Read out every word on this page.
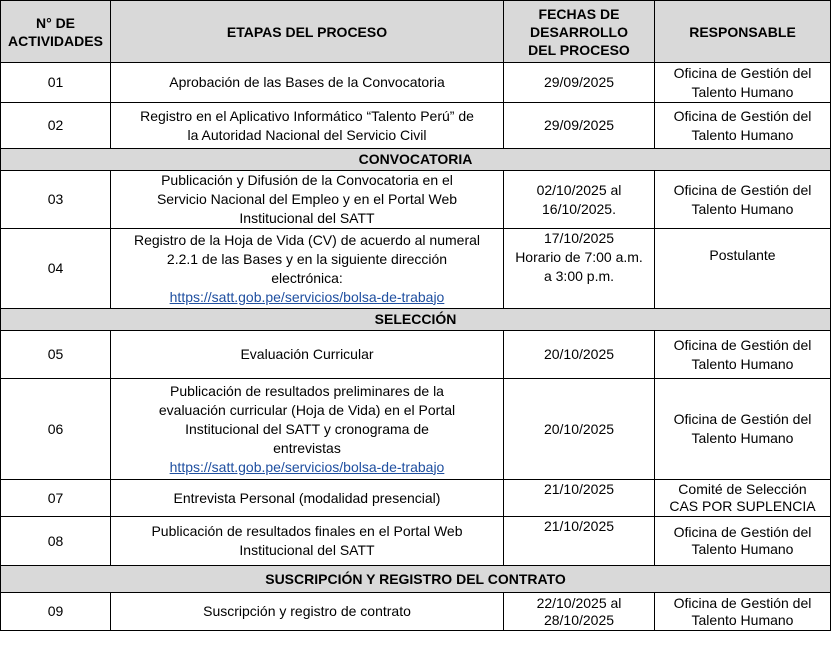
N° DE
ACTIVIDADES	ETAPAS DEL PROCESO	FECHAS DE
DESARROLLO
DEL PROCESO	RESPONSABLE
01	Aprobación de las Bases de la Convocatoria	29/09/2025	Oficina de Gestión del
Talento Humano

02	Registro en el Aplicativo Informático “Talento Perú” de
la Autoridad Nacional del Servicio Civil	29/09/2025	Oficina de Gestión del
Talento Humano

CONVOCATORIA			
03	Publicación y Difusión de la Convocatoria en el
Servicio Nacional del Empleo y en el Portal Web
Institucional del SATT	02/10/2025 al
16/10/2025.	Oficina de Gestión del
Talento Humano

04	Registro de la Hoja de Vida (CV) de acuerdo al numeral
2.2.1 de las Bases y en la siguiente dirección
electrónica:
https://satt.gob.pe/servicios/bolsa-de-trabajo	17/10/2025
Horario de 7:00 a.m.
a 3:00 p.m.	Postulante

SELECCIÓN			
05	Evaluación Curricular	20/10/2025	Oficina de Gestión del
Talento Humano

06	Publicación de resultados preliminares de la
evaluación curricular (Hoja de Vida) en el Portal
Institucional del SATT y cronograma de
entrevistas
https://satt.gob.pe/servicios/bolsa-de-trabajo	20/10/2025	Oficina de Gestión del
Talento Humano

07	Entrevista Personal (modalidad presencial)	21/10/2025	Comité de Selección
CAS POR SUPLENCIA

08	Publicación de resultados finales en el Portal Web
Institucional del SATT	21/10/2025	Oficina de Gestión del
Talento Humano

SUSCRIPCIÓN Y REGISTRO DEL CONTRATO			
09	Suscripción y registro de contrato	22/10/2025 al
28/10/2025	Oficina de Gestión del
Talento Humano
